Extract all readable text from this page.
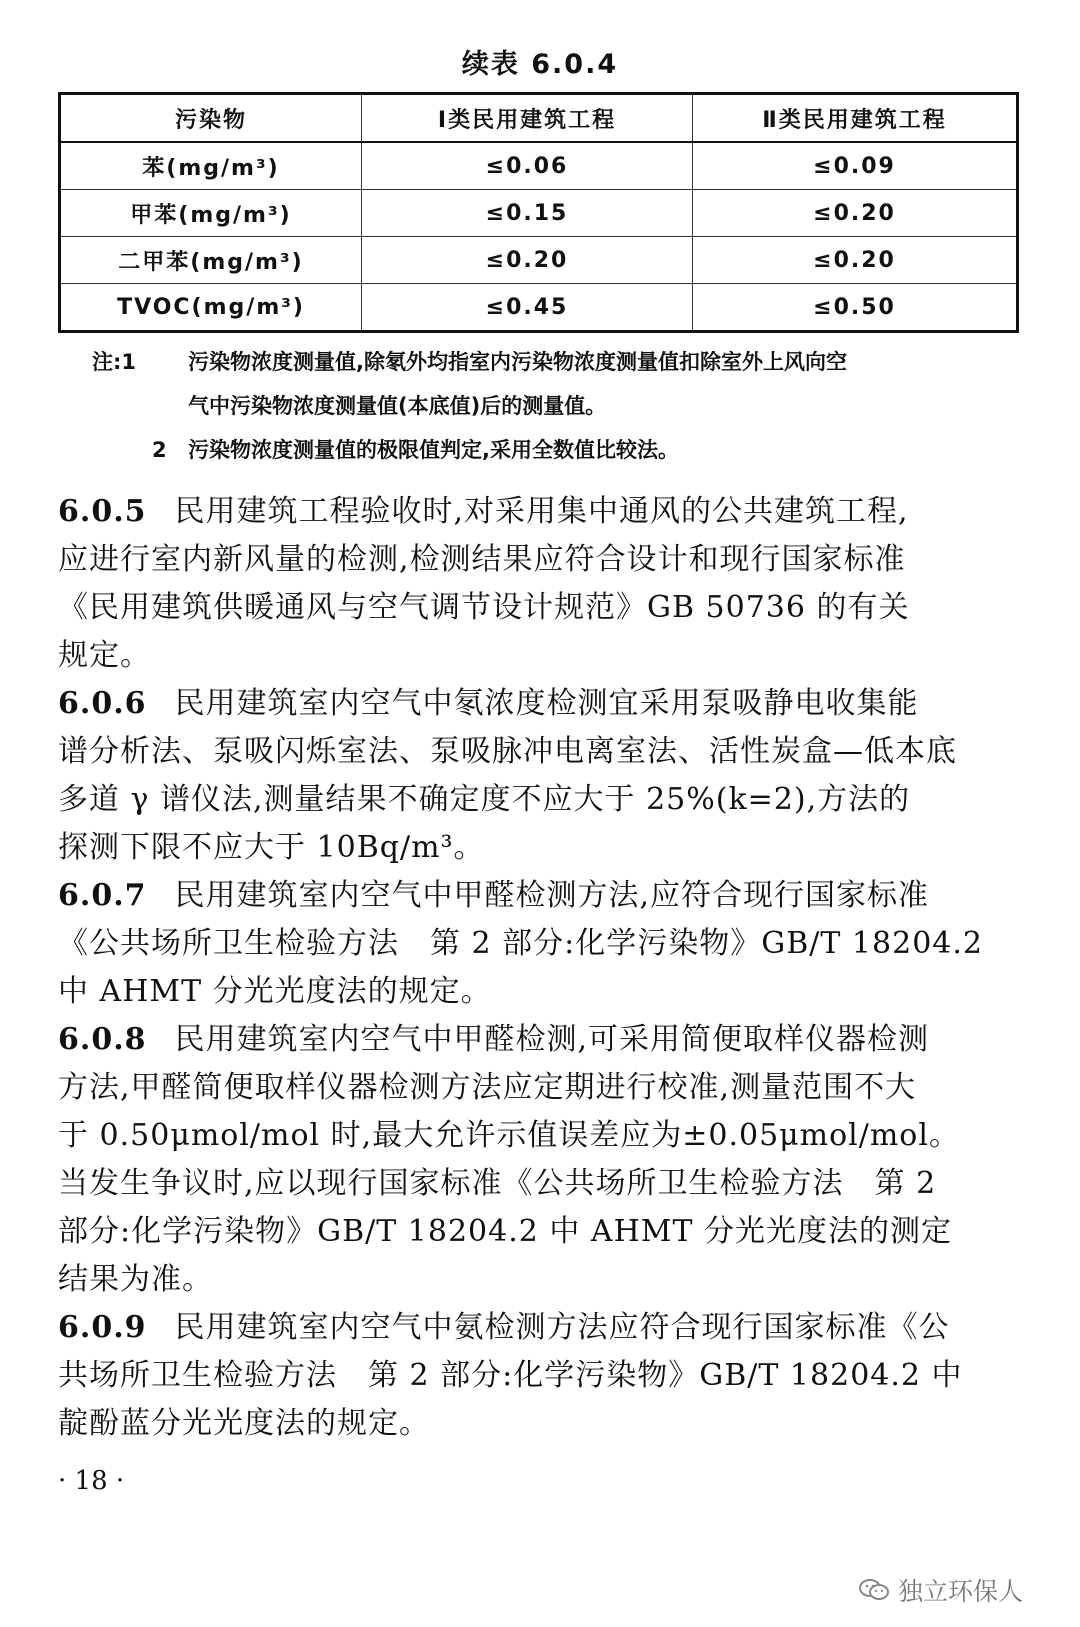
续表 6.0.4
污染物	Ⅰ类民用建筑工程	Ⅱ类民用建筑工程
苯(mg/m³)	≤0.06	≤0.09
甲苯(mg/m³)	≤0.15	≤0.20
二甲苯(mg/m³)	≤0.20	≤0.20
TVOC(mg/m³)	≤0.45	≤0.50
注:1 污染物浓度测量值,除氡外均指室内污染物浓度测量值扣除室外上风向空
气中污染物浓度测量值(本底值)后的测量值。
2 污染物浓度测量值的极限值判定,采用全数值比较法。
6.0.5 民用建筑工程验收时,对采用集中通风的公共建筑工程,
应进行室内新风量的检测,检测结果应符合设计和现行国家标准
《民用建筑供暖通风与空气调节设计规范》GB 50736 的有关
规定。
6.0.6 民用建筑室内空气中氡浓度检测宜采用泵吸静电收集能
谱分析法、泵吸闪烁室法、泵吸脉冲电离室法、活性炭盒—低本底
多道 γ 谱仪法,测量结果不确定度不应大于 25%(k=2),方法的
探测下限不应大于 10Bq/m³。
6.0.7 民用建筑室内空气中甲醛检测方法,应符合现行国家标准
《公共场所卫生检验方法　第 2 部分:化学污染物》GB/T 18204.2
中 AHMT 分光光度法的规定。
6.0.8 民用建筑室内空气中甲醛检测,可采用简便取样仪器检测
方法,甲醛简便取样仪器检测方法应定期进行校准,测量范围不大
于 0.50μmol/mol 时,最大允许示值误差应为±0.05μmol/mol。
当发生争议时,应以现行国家标准《公共场所卫生检验方法　第 2
部分:化学污染物》GB/T 18204.2 中 AHMT 分光光度法的测定
结果为准。
6.0.9 民用建筑室内空气中氨检测方法应符合现行国家标准《公
共场所卫生检验方法　第 2 部分:化学污染物》GB/T 18204.2 中
靛酚蓝分光光度法的规定。
· 18 ·
独立环保人
